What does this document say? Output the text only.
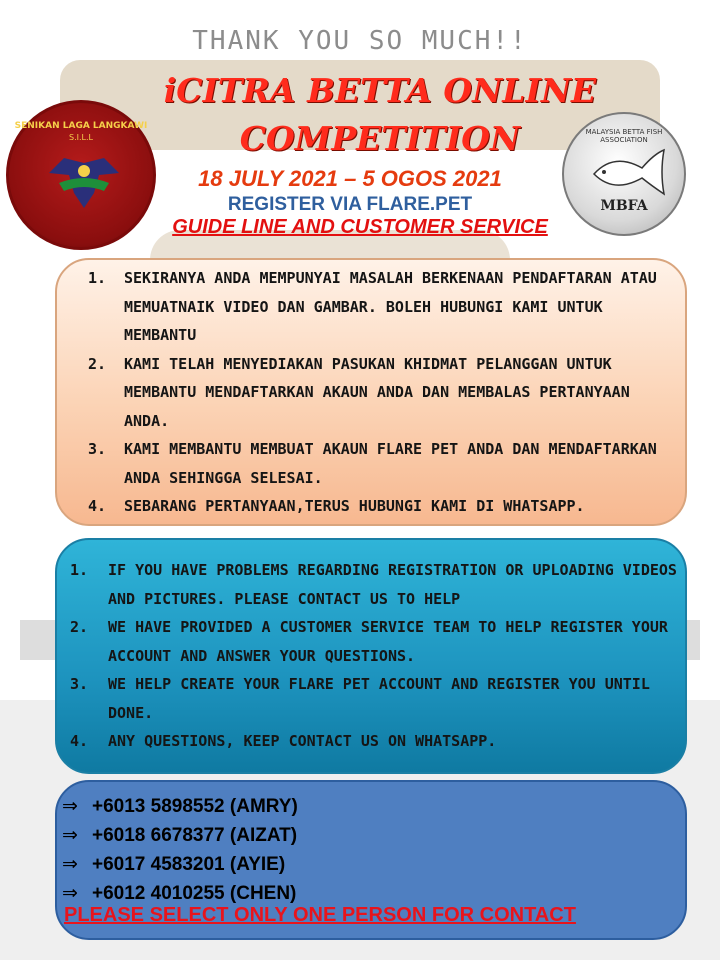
THANK YOU SO MUCH!!
iCITRA BETTA ONLINE
COMPETITION
18 JULY 2021 – 5 OGOS 2021
REGISTER VIA FLARE.PET
GUIDE LINE AND CUSTOMER SERVICE
SENIKAN LAGA LANGKAWI
S.I.L.L
MALAYSIA BETTA FISH ASSOCIATION
MBFA
1. SEKIRANYA ANDA MEMPUNYAI MASALAH BERKENAAN PENDAFTARAN ATAU MEMUATNAIK VIDEO DAN GAMBAR. BOLEH HUBUNGI KAMI UNTUK MEMBANTU
2. KAMI TELAH MENYEDIAKAN PASUKAN KHIDMAT PELANGGAN UNTUK MEMBANTU MENDAFTARKAN AKAUN ANDA DAN MEMBALAS PERTANYAAN ANDA.
3. KAMI MEMBANTU MEMBUAT AKAUN FLARE PET ANDA DAN MENDAFTARKAN ANDA SEHINGGA SELESAI.
4. SEBARANG PERTANYAAN,TERUS HUBUNGI KAMI DI WHATSAPP.
1. IF YOU HAVE PROBLEMS REGARDING REGISTRATION OR UPLOADING VIDEOS AND PICTURES. PLEASE CONTACT US TO HELP
2. WE HAVE PROVIDED A CUSTOMER SERVICE TEAM TO HELP REGISTER YOUR ACCOUNT AND ANSWER YOUR QUESTIONS.
3. WE HELP CREATE YOUR FLARE PET ACCOUNT AND REGISTER YOU UNTIL DONE.
4. ANY QUESTIONS, KEEP CONTACT US ON WHATSAPP.
⇒ +6013 5898552 (AMRY)
⇒ +6018 6678377 (AIZAT)
⇒ +6017 4583201 (AYIE)
⇒ +6012 4010255 (CHEN)
PLEASE SELECT ONLY ONE PERSON FOR CONTACT
